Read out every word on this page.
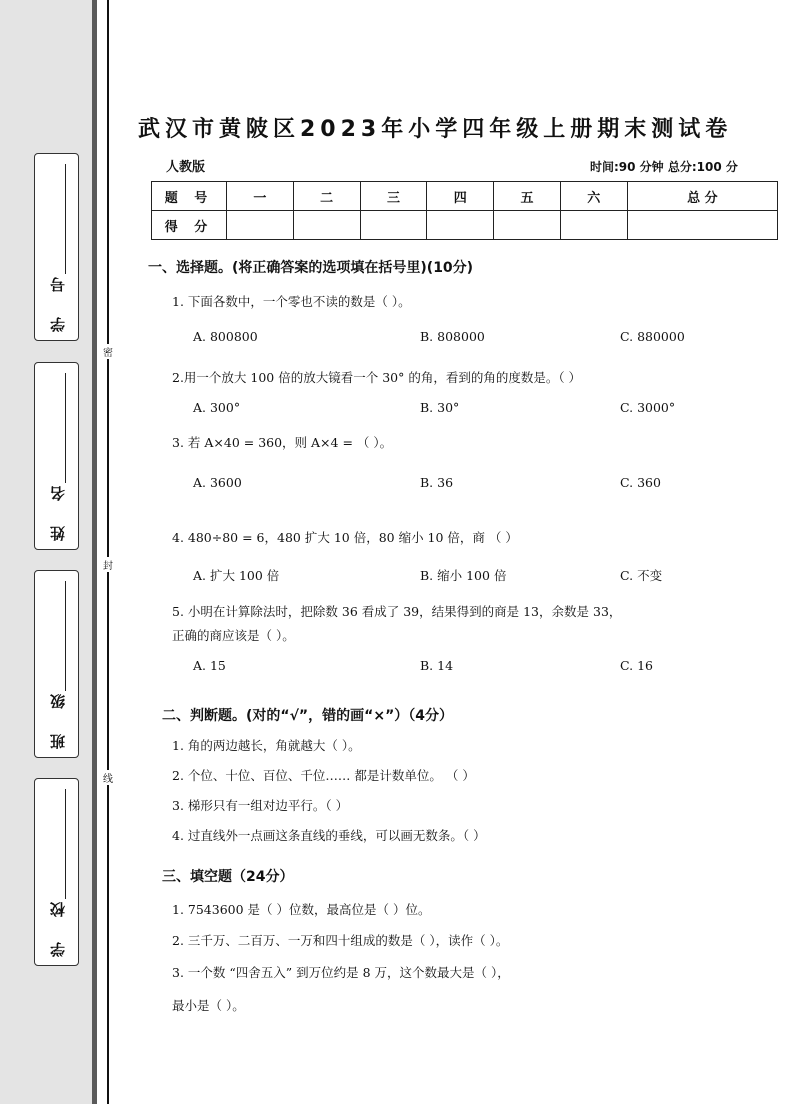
学 号
姓 名
班 级
学 校
密
封
线
武汉市黄陂区2023年小学四年级上册期末测试卷
人教版	时间:90 分钟 总分:100 分
题 号	一	二	三	四	五	六	总 分
得 分							
一、选择题。(将正确答案的选项填在括号里)(10分)
1. 下面各数中，一个零也不读的数是（ ）。
A. 800800	B. 808000	C. 880000
2.用一个放大 100 倍的放大镜看一个 30° 的角，看到的角的度数是。（ ）
A. 300°	B. 30°	C. 3000°
3. 若 A×40 = 360，则 A×4 = （ ）。
A. 3600	B. 36	C. 360
4. 480÷80 = 6，480 扩大 10 倍，80 缩小 10 倍，商 （ ）
A. 扩大 100 倍	B. 缩小 100 倍	C. 不变
5. 小明在计算除法时，把除数 36 看成了 39，结果得到的商是 13，余数是 33，
正确的商应该是（ ）。
A. 15	B. 14	C. 16
二、判断题。(对的“√”，错的画“×”）（4分）
1. 角的两边越长，角就越大（ ）。
2. 个位、十位、百位、千位…… 都是计数单位。 （ ）
3. 梯形只有一组对边平行。（ ）
4. 过直线外一点画这条直线的垂线，可以画无数条。（ ）
三、填空题（24分）
1. 7543600 是（ ）位数，最高位是（ ）位。
2. 三千万、二百万、一万和四十组成的数是（ ），读作（ ）。
3. 一个数 “四舍五入” 到万位约是 8 万，这个数最大是（ ），
最小是（ ）。
